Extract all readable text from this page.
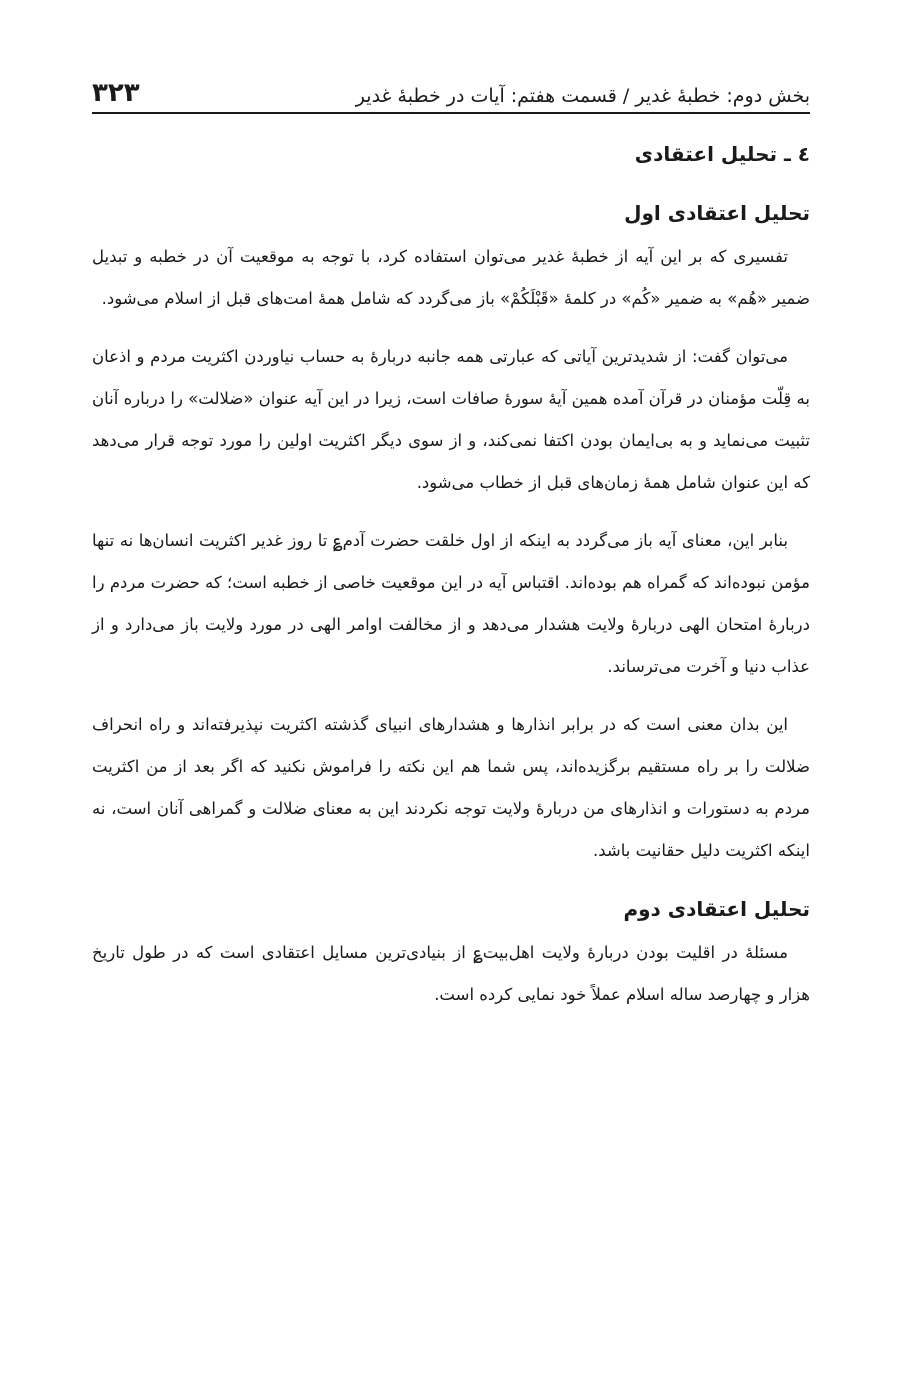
بخش دوم: خطبهٔ غدیر / قسمت هفتم: آیات در خطبهٔ غدیر
۳۲۳
٤ ـ تحلیل اعتقادی
تحلیل اعتقادی اول

تفسیری که بر این آیه از خطبهٔ غدیر می‌توان استفاده کرد، با توجه به موقعیت آن در خطبه و تبدیل ضمیر «هُم» به ضمیر «کُم» در کلمهٔ «قَبْلَکُمْ» باز می‌گردد که شامل همهٔ امت‌های قبل از اسلام می‌شود.

می‌توان گفت: از شدیدترین آیاتی که عبارتی همه جانبه دربارهٔ به حساب نیاوردن اکثریت مردم و اذعان به قِلّت مؤمنان در قرآن آمده همین آیهٔ سورهٔ صافات است، زیرا در این آیه عنوان «ضلالت» را درباره آنان تثبیت می‌نماید و به بی‌ایمان بودن اکتفا نمی‌کند، و از سوی دیگر اکثریت اولین را مورد توجه قرار می‌دهد که این عنوان شامل همهٔ زمان‌های قبل از خطاب می‌شود.

بنابر این، معنای آیه باز می‌گردد به اینکه از اول خلقت حضرت آدم‌؏ تا روز غدیر اکثریت انسان‌ها نه تنها مؤمن نبوده‌اند که گمراه هم بوده‌اند. اقتباس آیه در این موقعیت خاصی از خطبه است؛ که حضرت مردم را دربارهٔ امتحان الهی دربارهٔ ولایت هشدار می‌دهد و از مخالفت اوامر الهی در مورد ولایت باز می‌دارد و از عذاب دنیا و آخرت می‌ترساند.

این بدان معنی است که در برابر انذارها و هشدارهای انبیای گذشته اکثریت نپذیرفته‌اند و راه انحراف ضلالت را بر راه مستقیم برگزیده‌اند، پس شما هم این نکته را فراموش نکنید که اگر بعد از من اکثریت مردم به دستورات و انذارهای من دربارهٔ ولایت توجه نکردند این به معنای ضلالت و گمراهی آنان است، نه اینکه اکثریت دلیل حقانیت باشد.

تحلیل اعتقادی دوم

مسئلهٔ در اقلیت بودن دربارهٔ ولایت اهل‌بیت‌؏ از بنیادی‌ترین مسایل اعتقادی است که در طول تاریخ هزار و چهارصد ساله اسلام عملاً خود نمایی کرده است.
